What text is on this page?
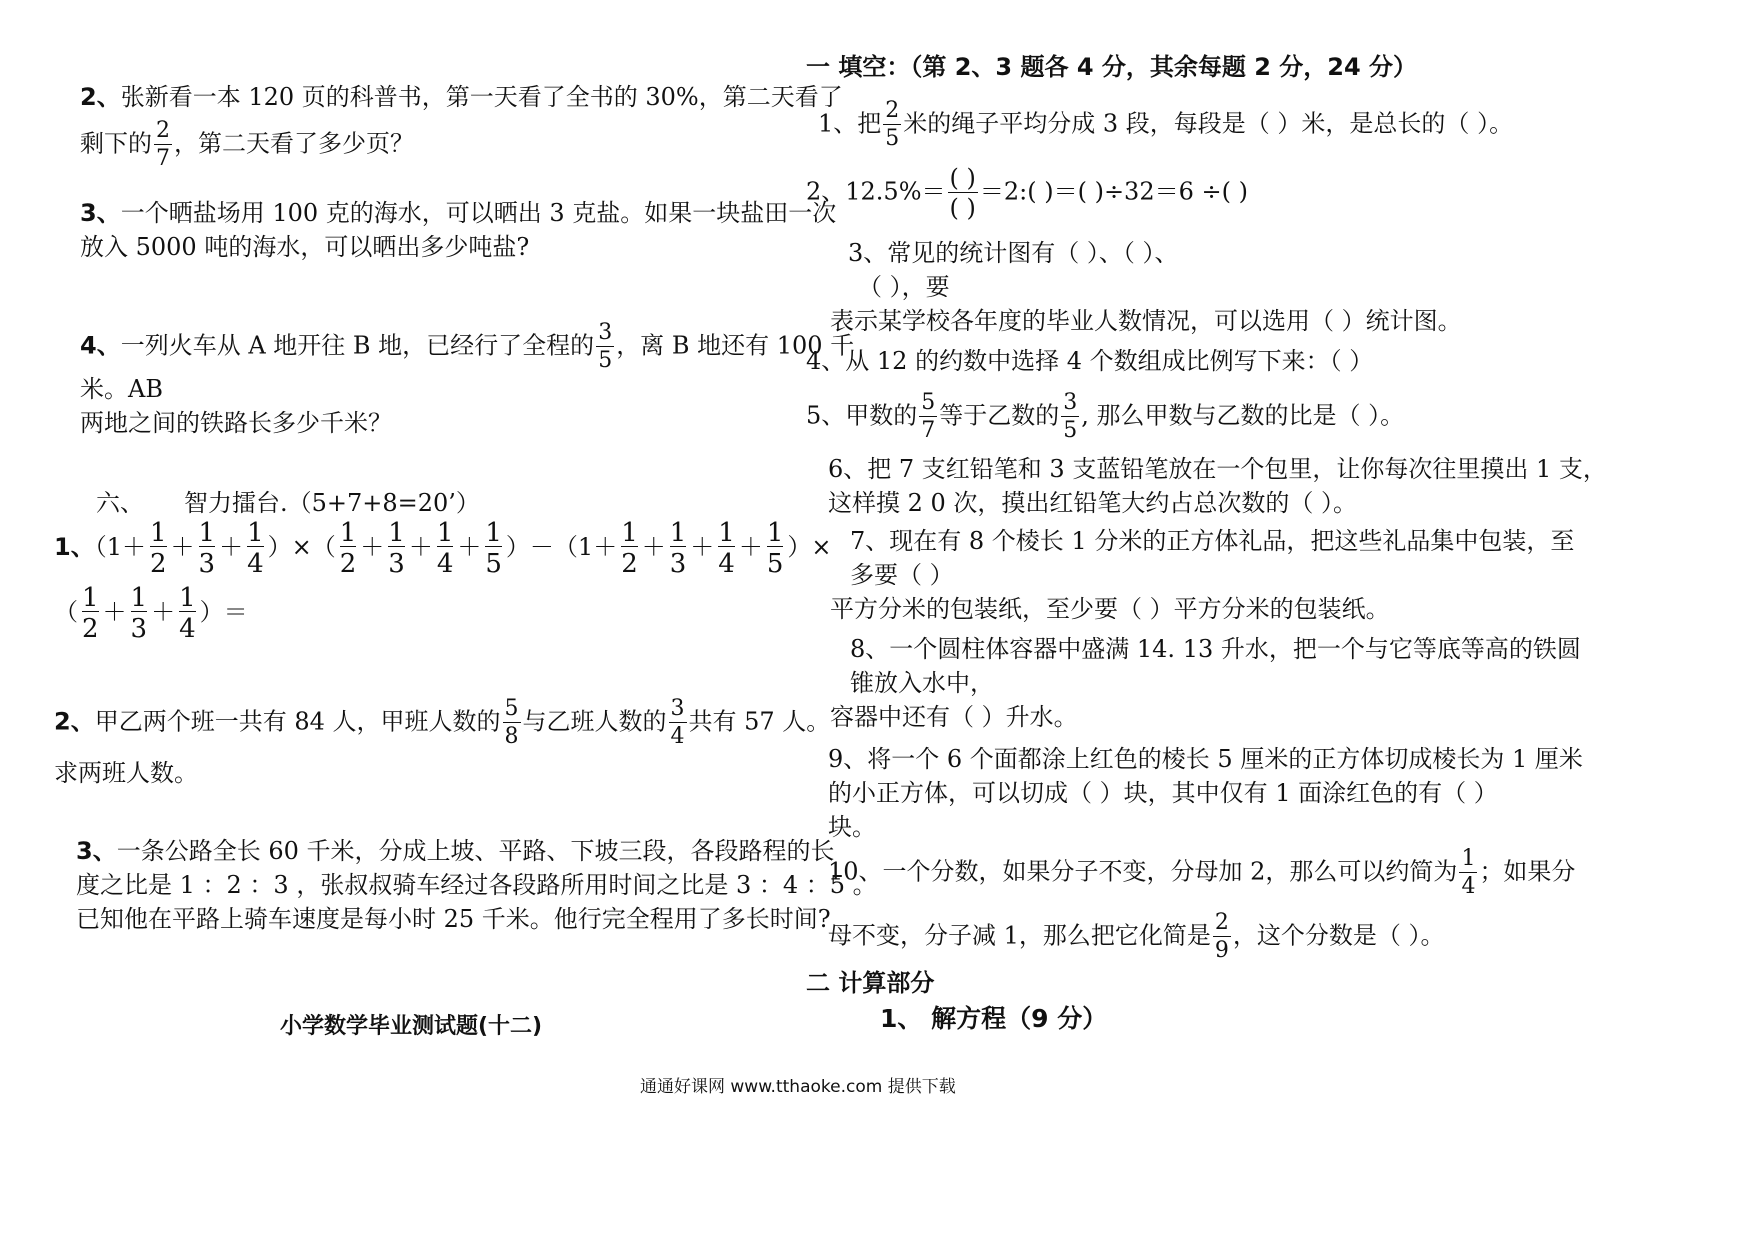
2、张新看一本 120 页的科普书，第一天看了全书的 30%，第二天看了
剩下的 $\frac{2}{7}$ ，第二天看了多少页？
3、一个晒盐场用 100 克的海水，可以晒出 3 克盐。如果一块盐田一次
放入 5000 吨的海水，可以晒出多少吨盐?
4、一列火车从 A 地开往 B 地，已经行了全程的 $\frac{3}{5}$ ，离 B 地还有 100 千
米。AB
两地之间的铁路长多少千米？
六、 智力擂台.（5+7+8=20’）
1、（$1+ \frac{1}{2} + \frac{1}{3} + \frac{1}{4}$ ）×（ $\frac{1}{2} + \frac{1}{3} + \frac{1}{4} + \frac{1}{5} )-(1+ \frac{1}{2} + \frac{1}{3} + \frac{1}{4} + \frac{1}{5}$ ）×
（ $\frac{1}{2} + \frac{1}{3} + \frac{1}{4}$ ）＝
2、甲乙两个班一共有 84 人，甲班人数的 $\frac{5}{8}$ 与乙班人数的 $\frac{3}{4}$ 共有 57 人。
求两班人数。
3、一条公路全长 60 千米，分成上坡、平路、下坡三段，各段路程的长
度之比是 1 ：2 ：3 ，张叔叔骑车经过各段路所用时间之比是 3 ：4 ：5 。
已知他在平路上骑车速度是每小时 25 千米。他行完全程用了多长时间?
小学数学毕业测试题(十二)
一 填空：（第 2、3 题各 4 分，其余每题 2 分，24 分）
1、把 $\frac{2}{5}$ 米的绳子平均分成 3 段，每段是（ ）米，是总长的（ ）。
2、$12.5\%= \frac{( )}{( )}$ ＝2:( )＝( )÷32＝6 ÷( )
3、常见的统计图有（ ）、（ ）、
（ ），要
表示某学校各年度的毕业人数情况，可以选用（ ）统计图。
4、从 12 的约数中选择 4 个数组成比例写下来：（ ）
5、甲数的 $\frac{5}{7}$ 等于乙数的 $\frac{3}{5}$ , 那么甲数与乙数的比是（ ）。
6、把 7 支红铅笔和 3 支蓝铅笔放在一个包里，让你每次往里摸出 1 支，
这样摸 2 0 次，摸出红铅笔大约占总次数的（ ）。
7、现在有 8 个棱长 1 分米的正方体礼品，把这些礼品集中包装，至
多要（ ）
平方分米的包装纸，至少要（ ）平方分米的包装纸。
8、一个圆柱体容器中盛满 14. 13 升水，把一个与它等底等高的铁圆
锥放入水中，
容器中还有（ ）升水。
9、将一个 6 个面都涂上红色的棱长 5 厘米的正方体切成棱长为 1 厘米
的小正方体，可以切成（ ）块，其中仅有 1 面涂红色的有（ ）
块。
10、一个分数，如果分子不变，分母加 2，那么可以约简为 $\frac{1}{4}$ ；如果分
母不变，分子减 1，那么把它化简是 $\frac{2}{9}$ ，这个分数是（ ）。
二 计算部分
1、 解方程（9 分）
通通好课网 www.tthaoke.com 提供下载
